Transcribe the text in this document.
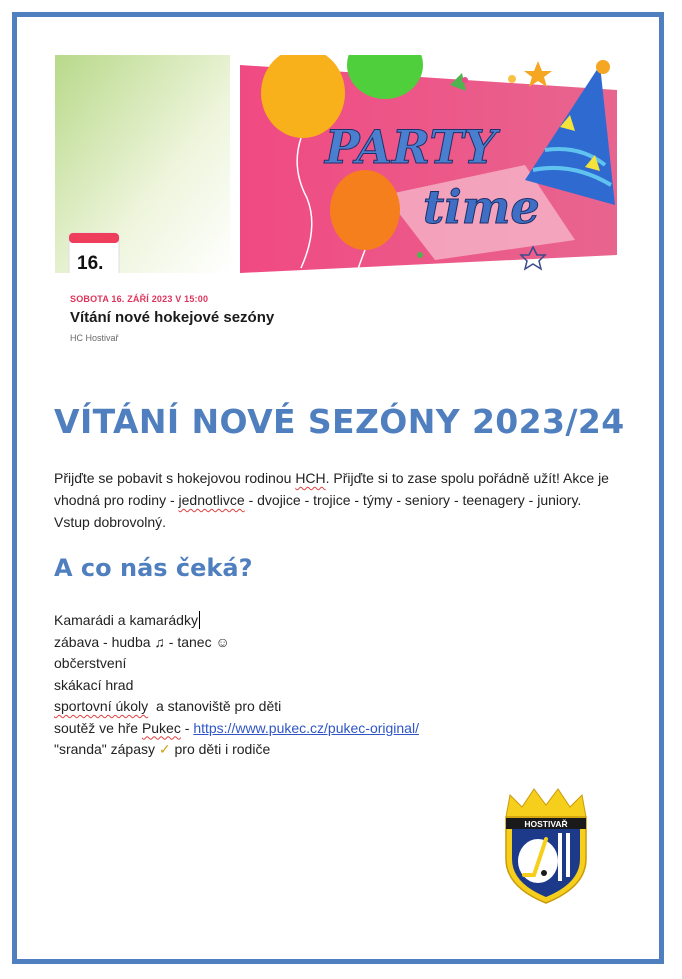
PARTY
time
16.
SOBOTA 16. ZÁŘÍ 2023 V 15:00
Vítání nové hokejové sezóny
HC Hostivař
VÍTÁNÍ NOVÉ SEZÓNY 2023/24
Přijďte se pobavit s hokejovou rodinou HCH. Přijďte si to zase spolu pořádně užít! Akce je vhodná pro rodiny - jednotlivce - dvojice - trojice - týmy - seniory - teenagery - juniory. Vstup dobrovolný.
A co nás čeká?
Kamarádi a kamarádky
zábava - hudba ♫ - tanec ☺
občerstvení
skákací hrad
sportovní úkoly  a stanoviště pro děti
soutěž ve hře Pukec - https://www.pukec.cz/pukec-original/
"sranda" zápasy ✓ pro děti i rodiče
HOSTIVAŘ
